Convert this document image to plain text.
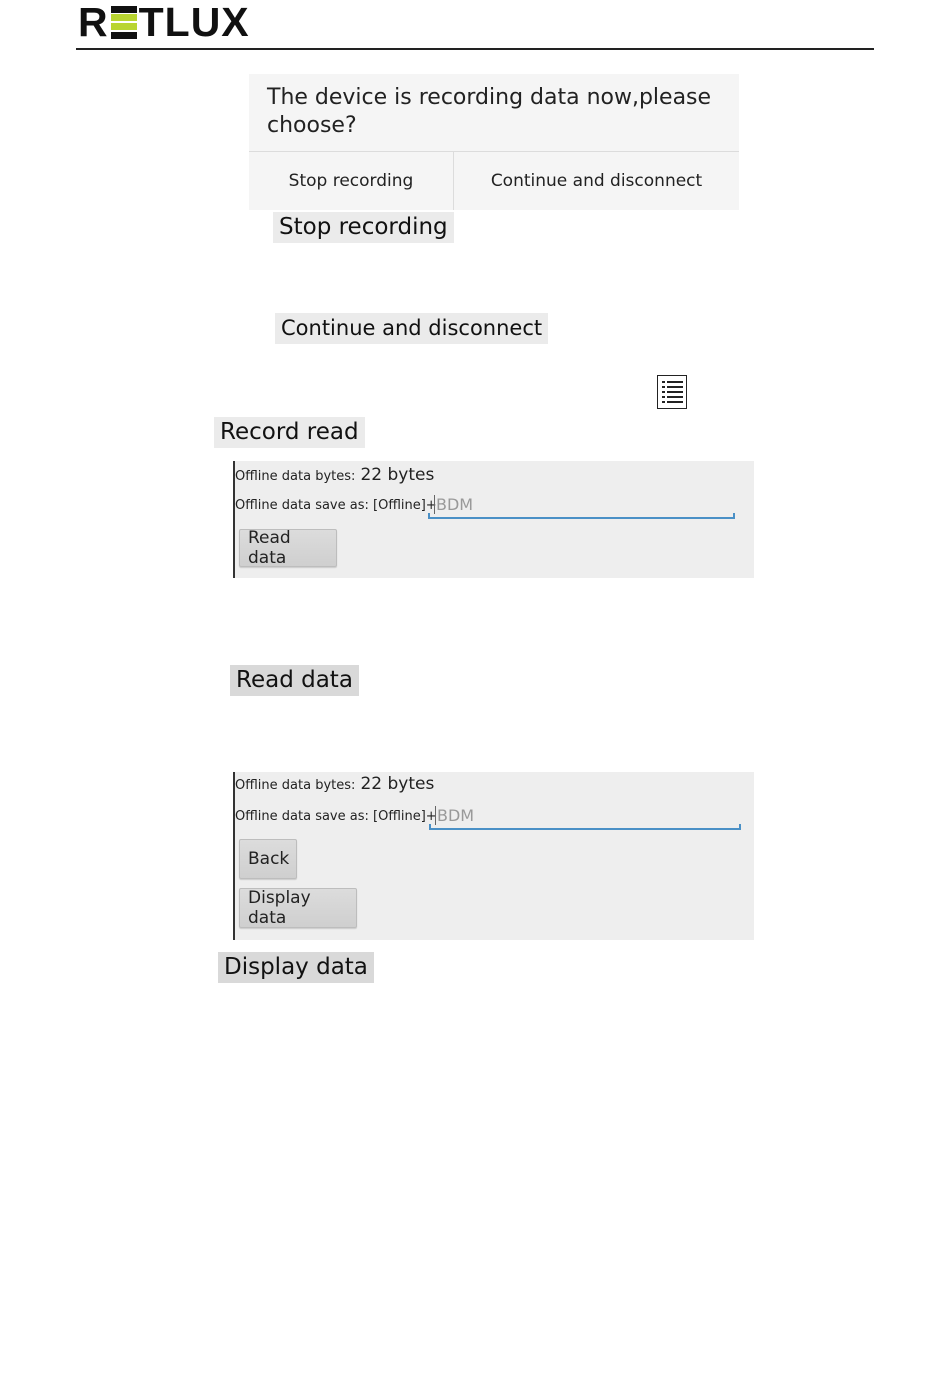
R TLUX
The device is recording data now,please choose?
Stop recording	Continue and disconnect
Stop recording
Continue and disconnect
Record read
Offline data bytes: 22 bytes
Offline data save as: [Offline]+ BDM
Read data
Read data
Offline data bytes: 22 bytes
Offline data save as: [Offline]+ BDM
Back
Display data
Display data
